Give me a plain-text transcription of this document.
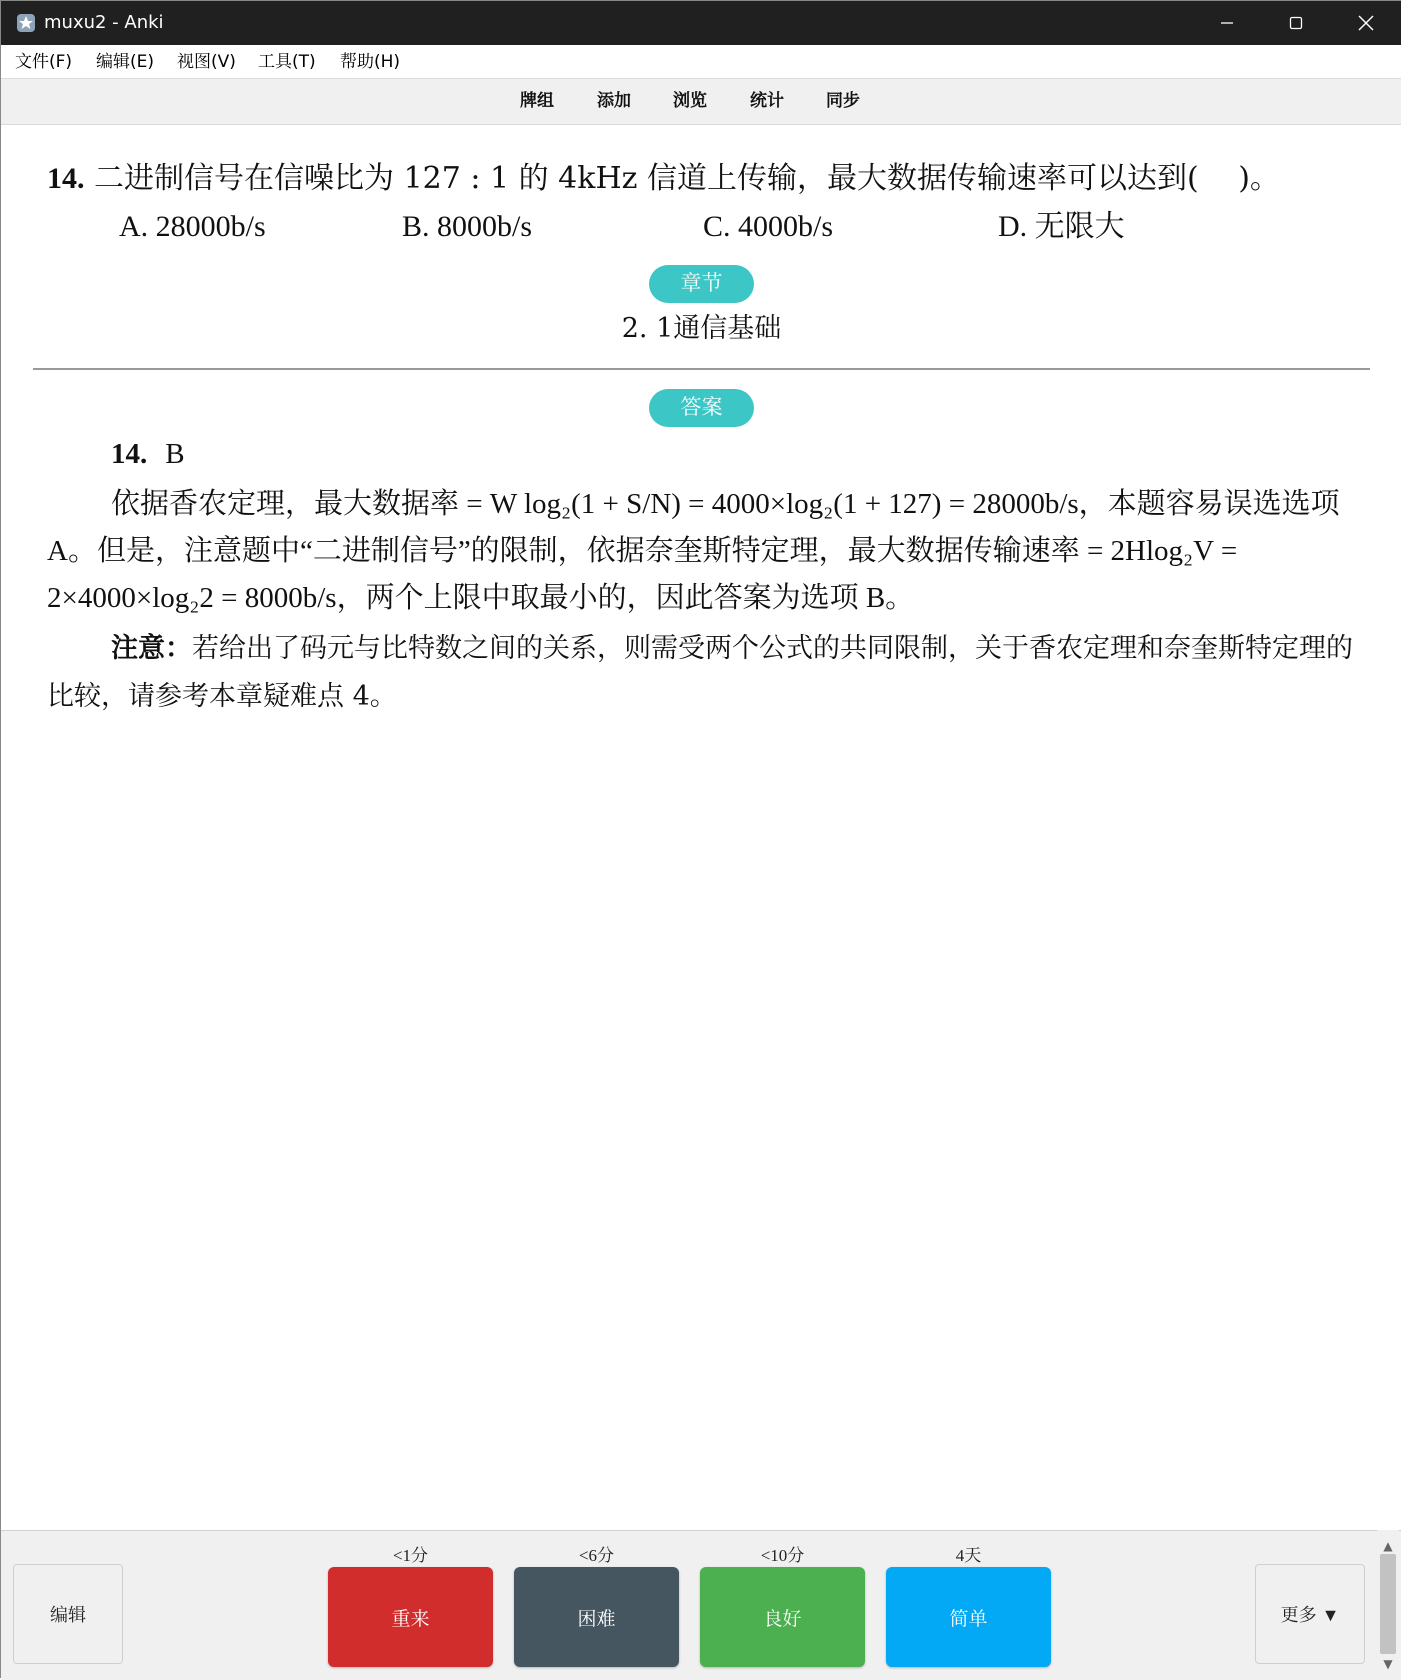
muxu2 - Anki
文件(F) 编辑(E) 视图(V) 工具(T) 帮助(H)
牌组	添加 浏览	统计 同步
14. 二进制信号在信噪比为 127 : 1 的 4kHz 信道上传输，最大数据传输速率可以达到(　 )。
A. 28000b/s	B. 8000b/s	C. 4000b/s	D. 无限大
章节
2. 1通信基础
答案
14. B
依据香农定理，最大数据率 = W log₂(1 + S/N) = 4000×log₂(1 + 127) = 28000b/s，本题容易误选选项 A。但是，注意题中“二进制信号”的限制，依据奈奎斯特定理，最大数据传输速率 = 2Hlog₂V = 2×4000×log₂2 = 8000b/s，两个上限中取最小的，因此答案为选项 B。
注意：若给出了码元与比特数之间的关系，则需受两个公式的共同限制，关于香农定理和奈奎斯特定理的比较，请参考本章疑难点 4。
编辑
<1分
重来
<6分
困难
<10分
良好
4天
简单	更多 ▼
▲
▼
